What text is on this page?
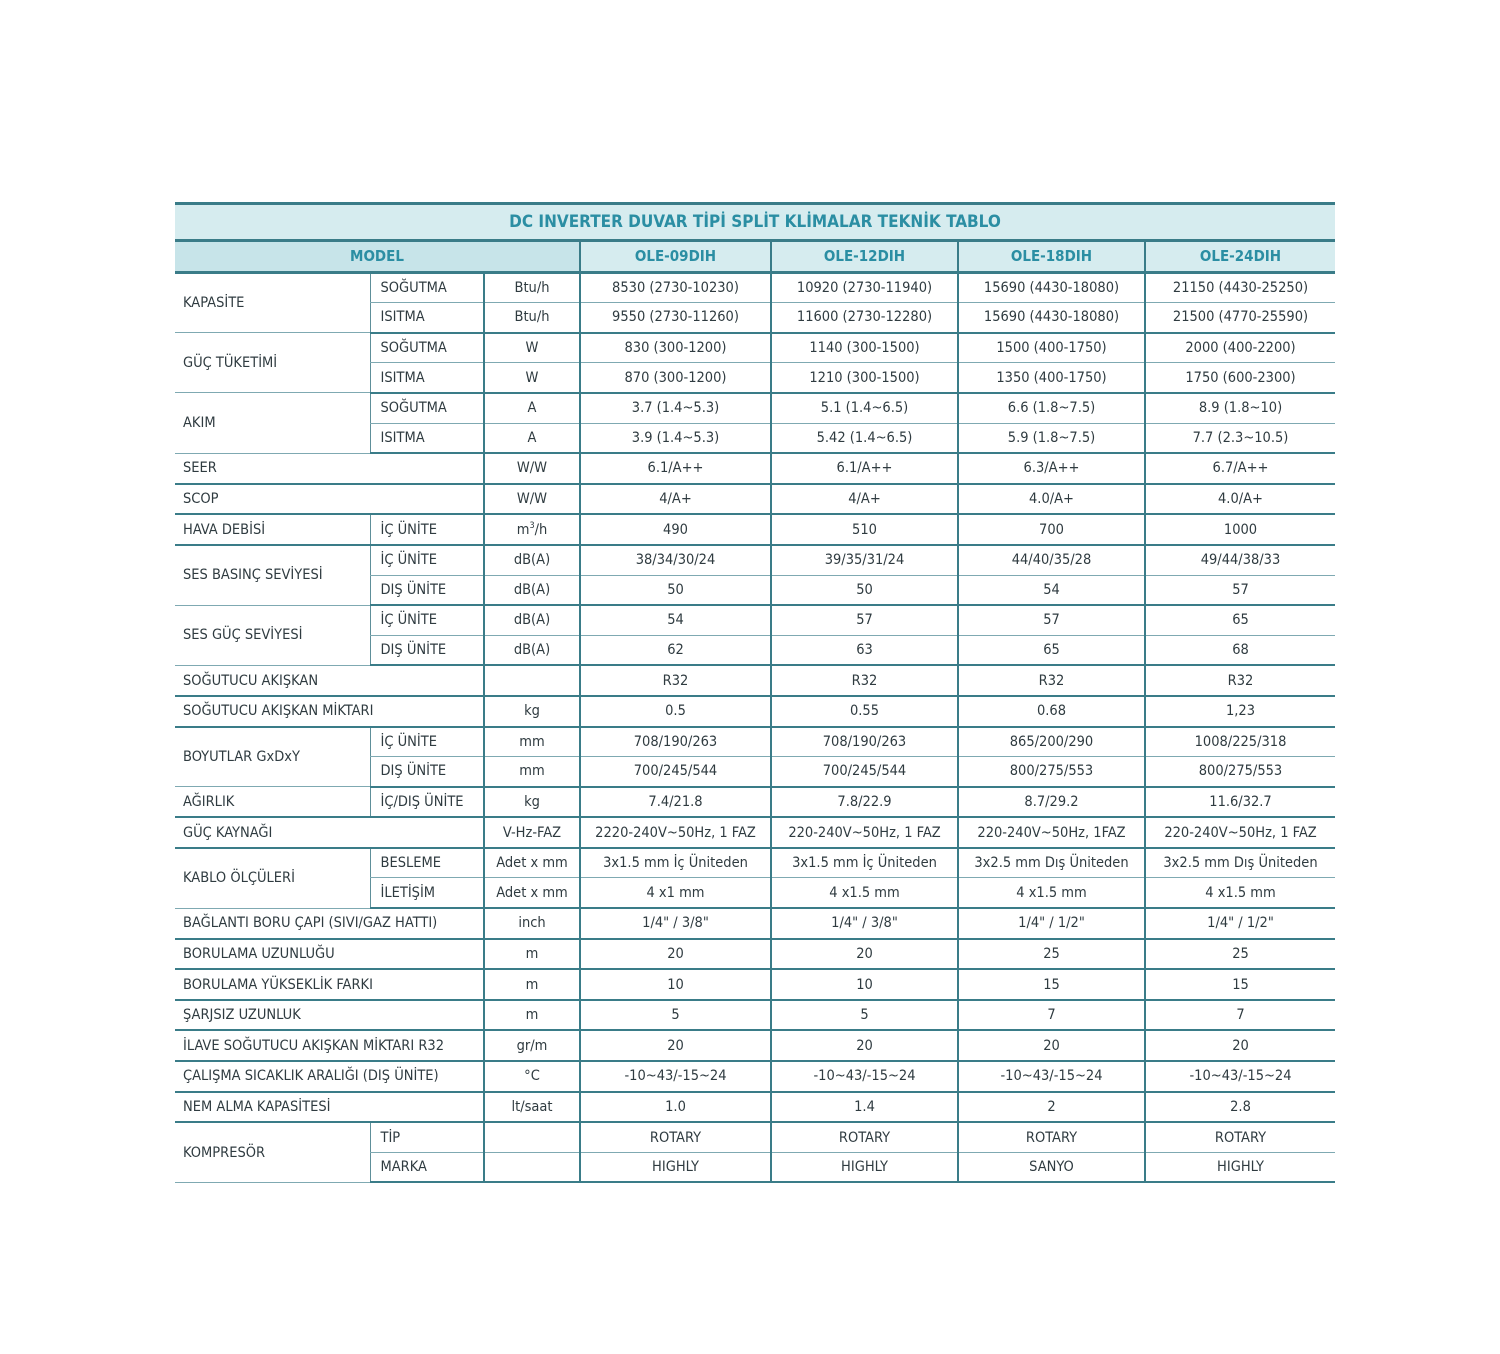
DC INVERTER DUVAR TİPİ SPLİT KLİMALAR TEKNİK TABLO						
MODEL			OLE-09DIH	OLE-12DIH	OLE-18DIH	OLE-24DIH
KAPASİTE	SOĞUTMA	Btu/h	8530 (2730-10230)	10920 (2730-11940)	15690 (4430-18080)	21150 (4430-25250)
	ISITMA	Btu/h	9550 (2730-11260)	11600 (2730-12280)	15690 (4430-18080)	21500 (4770-25590)
GÜÇ TÜKETİMİ	SOĞUTMA	W	830 (300-1200)	1140 (300-1500)	1500 (400-1750)	2000 (400-2200)
	ISITMA	W	870 (300-1200)	1210 (300-1500)	1350 (400-1750)	1750 (600-2300)
AKIM	SOĞUTMA	A	3.7 (1.4~5.3)	5.1 (1.4~6.5)	6.6 (1.8~7.5)	8.9 (1.8~10)
	ISITMA	A	3.9 (1.4~5.3)	5.42 (1.4~6.5)	5.9 (1.8~7.5)	7.7 (2.3~10.5)
SEER		W/W	6.1/A++	6.1/A++	6.3/A++	6.7/A++
SCOP		W/W	4/A+	4/A+	4.0/A+	4.0/A+
HAVA DEBİSİ	İÇ ÜNİTE	$m^3/h$	490	510	700	1000
SES BASINÇ SEVİYESİ	İÇ ÜNİTE	dB(A)	38/34/30/24	39/35/31/24	44/40/35/28	49/44/38/33
	DIŞ ÜNİTE	dB(A)	50	50	54	57
SES GÜÇ SEVİYESİ	İÇ ÜNİTE	dB(A)	54	57	57	65
	DIŞ ÜNİTE	dB(A)	62	63	65	68
SOĞUTUCU AKIŞKAN			R32	R32	R32	R32
SOĞUTUCU AKIŞKAN MİKTARI		kg	0.5	0.55	0.68	1,23
BOYUTLAR GxDxY	İÇ ÜNİTE	mm	708/190/263	708/190/263	865/200/290	1008/225/318
	DIŞ ÜNİTE	mm	700/245/544	700/245/544	800/275/553	800/275/553
AĞIRLIK	İÇ/DIŞ ÜNİTE	kg	7.4/21.8	7.8/22.9	8.7/29.2	11.6/32.7
GÜÇ KAYNAĞI		V-Hz-FAZ	2220-240V~50Hz, 1 FAZ	220-240V~50Hz, 1 FAZ	220-240V~50Hz, 1FAZ	220-240V~50Hz, 1 FAZ
KABLO ÖLÇÜLERİ	BESLEME	Adet x mm	3x1.5 mm İç Üniteden	3x1.5 mm İç Üniteden	3x2.5 mm Dış Üniteden	3x2.5 mm Dış Üniteden
	İLETİŞİM	Adet x mm	4 x1 mm	4 x1.5 mm	4 x1.5 mm	4 x1.5 mm
BAĞLANTI BORU ÇAPI (SIVI/GAZ HATTI)		inch	1/4" / 3/8"	1/4" / 3/8"	1/4" / 1/2"	1/4" / 1/2"
BORULAMA UZUNLUĞU		m	20	20	25	25
BORULAMA YÜKSEKLİK FARKI		m	10	10	15	15
ŞARJSIZ UZUNLUK		m	5	5	7	7
İLAVE SOĞUTUCU AKIŞKAN MİKTARI R32		gr/m	20	20	20	20
ÇALIŞMA SICAKLIK ARALIĞI (DIŞ ÜNİTE)		°C	-10~43/-15~24	-10~43/-15~24	-10~43/-15~24	-10~43/-15~24
NEM ALMA KAPASİTESİ		lt/saat	1.0	1.4	2	2.8
KOMPRESÖR	TİP		ROTARY	ROTARY	ROTARY	ROTARY
	MARKA		HIGHLY	HIGHLY	SANYO	HIGHLY
